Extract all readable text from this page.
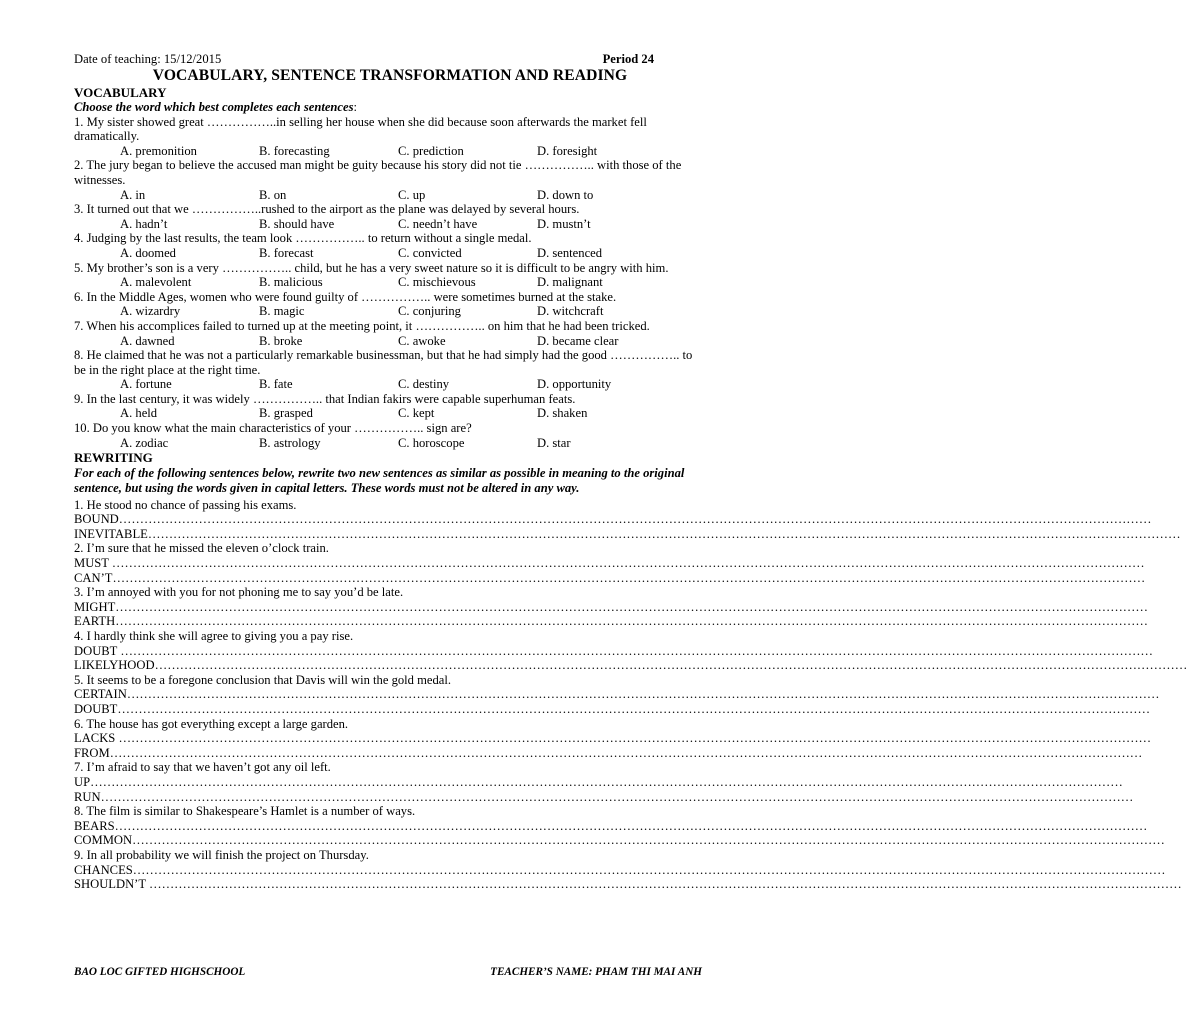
Date of teaching: 15/12/2015	Period 24
VOCABULARY, SENTENCE TRANSFORMATION AND READING
VOCABULARY
Choose the word which best completes each sentences:
1. My sister showed great ……………..in selling her house when she did because soon afterwards the market fell dramatically.
A. premonition	B. forecasting	C. prediction	D. foresight
2. The jury began to believe the accused man might be guity because his story did not tie …………….. with those of the witnesses.
A. in	B. on	C. up	D. down to
3. It turned out that we ……………..rushed to the airport as the plane was delayed by several hours.
A. hadn’t	B. should have	C. needn’t have	D. mustn’t
4. Judging by the last results, the team look …………….. to return without a single medal.
A. doomed	B. forecast	C. convicted	D. sentenced
5. My brother’s son is a very …………….. child, but he has a very sweet nature so it is difficult to be angry with him.
A. malevolent	B. malicious	C. mischievous	D. malignant
6. In the Middle Ages, women who were found guilty of …………….. were sometimes burned at the stake.
A. wizardry	B. magic	C. conjuring	D. witchcraft
7. When his accomplices failed to turned up at the meeting point, it …………….. on him that he had been tricked.
A. dawned	B. broke	C. awoke	D. became clear
8. He claimed that he was not a particularly remarkable businessman, but that he had simply had the good …………….. to be in the right place at the right time.
A. fortune	B. fate	C. destiny	D. opportunity
9. In the last century, it was widely …………….. that Indian fakirs were capable superhuman feats.
A. held	B. grasped	C. kept	D. shaken
10. Do you know what the main characteristics of your …………….. sign are?
A. zodiac	B. astrology	C. horoscope	D. star
REWRITING
For each of the following sentences below, rewrite two new sentences as similar as possible in meaning to the original sentence, but using the words given in capital letters. These words must not be altered in any way.
1. He stood no chance of passing his exams.
BOUND…………………………………………………………………………………………………………………………………………………………………………………………………………………………
INEVITABLE…………………………………………………………………………………………………………………………………………………………………………………………………………………………
2. I’m sure that he missed the eleven o’clock train.
MUST …………………………………………………………………………………………………………………………………………………………………………………………………………………………
CAN’T…………………………………………………………………………………………………………………………………………………………………………………………………………………………
3. I’m annoyed with you for not phoning me to say you’d be late.
MIGHT…………………………………………………………………………………………………………………………………………………………………………………………………………………………
EARTH…………………………………………………………………………………………………………………………………………………………………………………………………………………………
4. I hardly think she will agree to giving you a pay rise.
DOUBT …………………………………………………………………………………………………………………………………………………………………………………………………………………………
LIKELYHOOD…………………………………………………………………………………………………………………………………………………………………………………………………………………………
5. It seems to be a foregone conclusion that Davis will win the gold medal.
CERTAIN…………………………………………………………………………………………………………………………………………………………………………………………………………………………
DOUBT…………………………………………………………………………………………………………………………………………………………………………………………………………………………
6. The house has got everything except a large garden.
LACKS …………………………………………………………………………………………………………………………………………………………………………………………………………………………
FROM…………………………………………………………………………………………………………………………………………………………………………………………………………………………
7. I’m afraid to say that we haven’t got any oil left.
UP…………………………………………………………………………………………………………………………………………………………………………………………………………………………
RUN…………………………………………………………………………………………………………………………………………………………………………………………………………………………
8. The film is similar to Shakespeare’s Hamlet is a number of ways.
BEARS…………………………………………………………………………………………………………………………………………………………………………………………………………………………
COMMON…………………………………………………………………………………………………………………………………………………………………………………………………………………………
9. In all probability we will finish the project on Thursday.
CHANCES…………………………………………………………………………………………………………………………………………………………………………………………………………………………
SHOULDN’T …………………………………………………………………………………………………………………………………………………………………………………………………………………………
BAO LOC GIFTED HIGHSCHOOL	TEACHER’S NAME: PHAM THI MAI ANH
